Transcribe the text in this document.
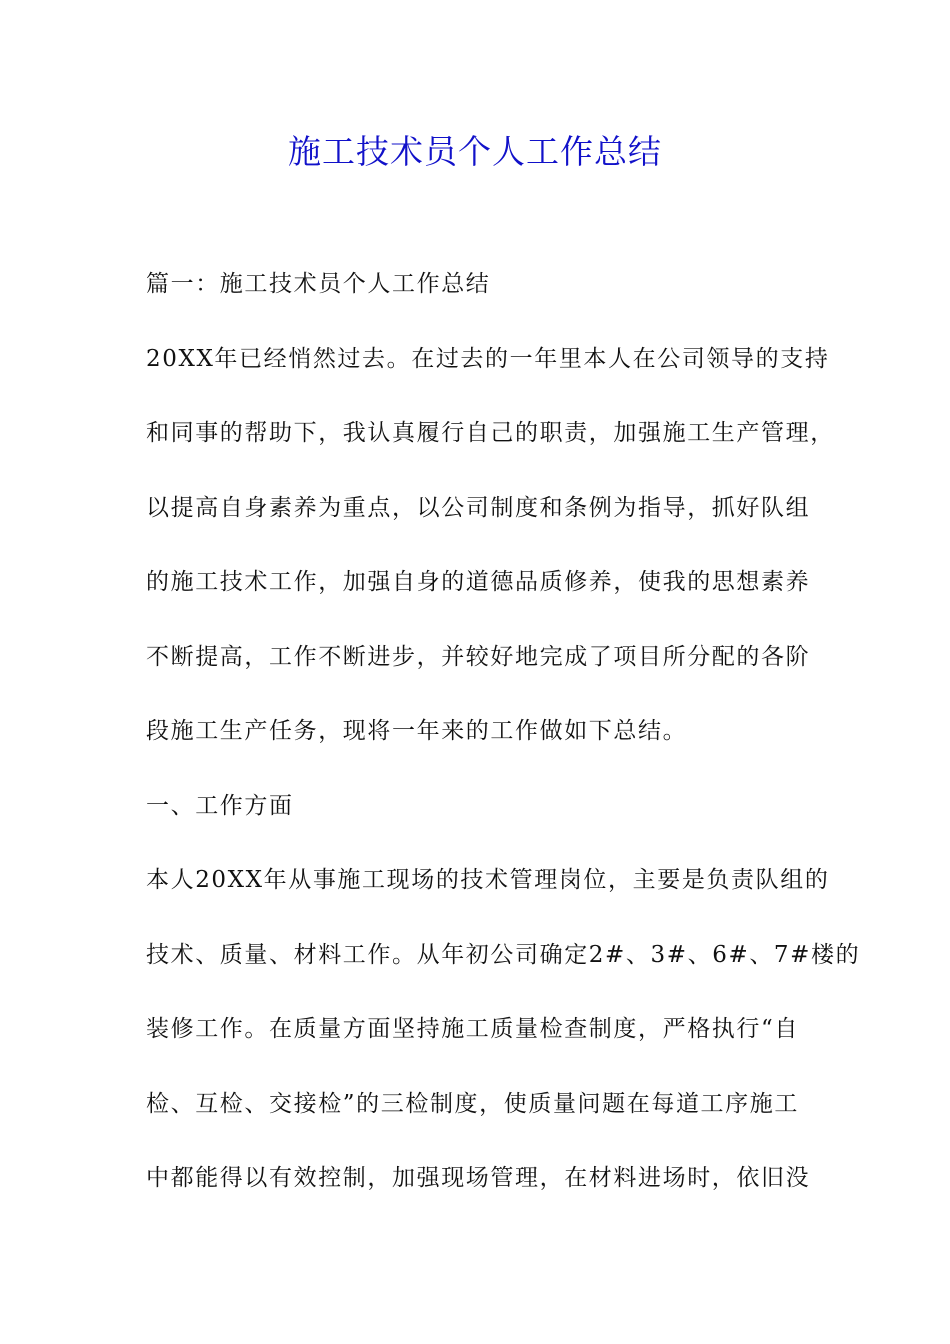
施工技术员个人工作总结
篇一：施工技术员个人工作总结
20XX年已经悄然过去。在过去的一年里本人在公司领导的支持
和同事的帮助下，我认真履行自己的职责，加强施工生产管理，
以提高自身素养为重点，以公司制度和条例为指导，抓好队组
的施工技术工作，加强自身的道德品质修养，使我的思想素养
不断提高，工作不断进步，并较好地完成了项目所分配的各阶
段施工生产任务，现将一年来的工作做如下总结。
一、工作方面
本人20XX年从事施工现场的技术管理岗位，主要是负责队组的
技术、质量、材料工作。从年初公司确定2#、3#、6#、7#楼的
装修工作。在质量方面坚持施工质量检查制度，严格执行“自
检、互检、交接检”的三检制度，使质量问题在每道工序施工
中都能得以有效控制，加强现场管理，在材料进场时，依旧没
